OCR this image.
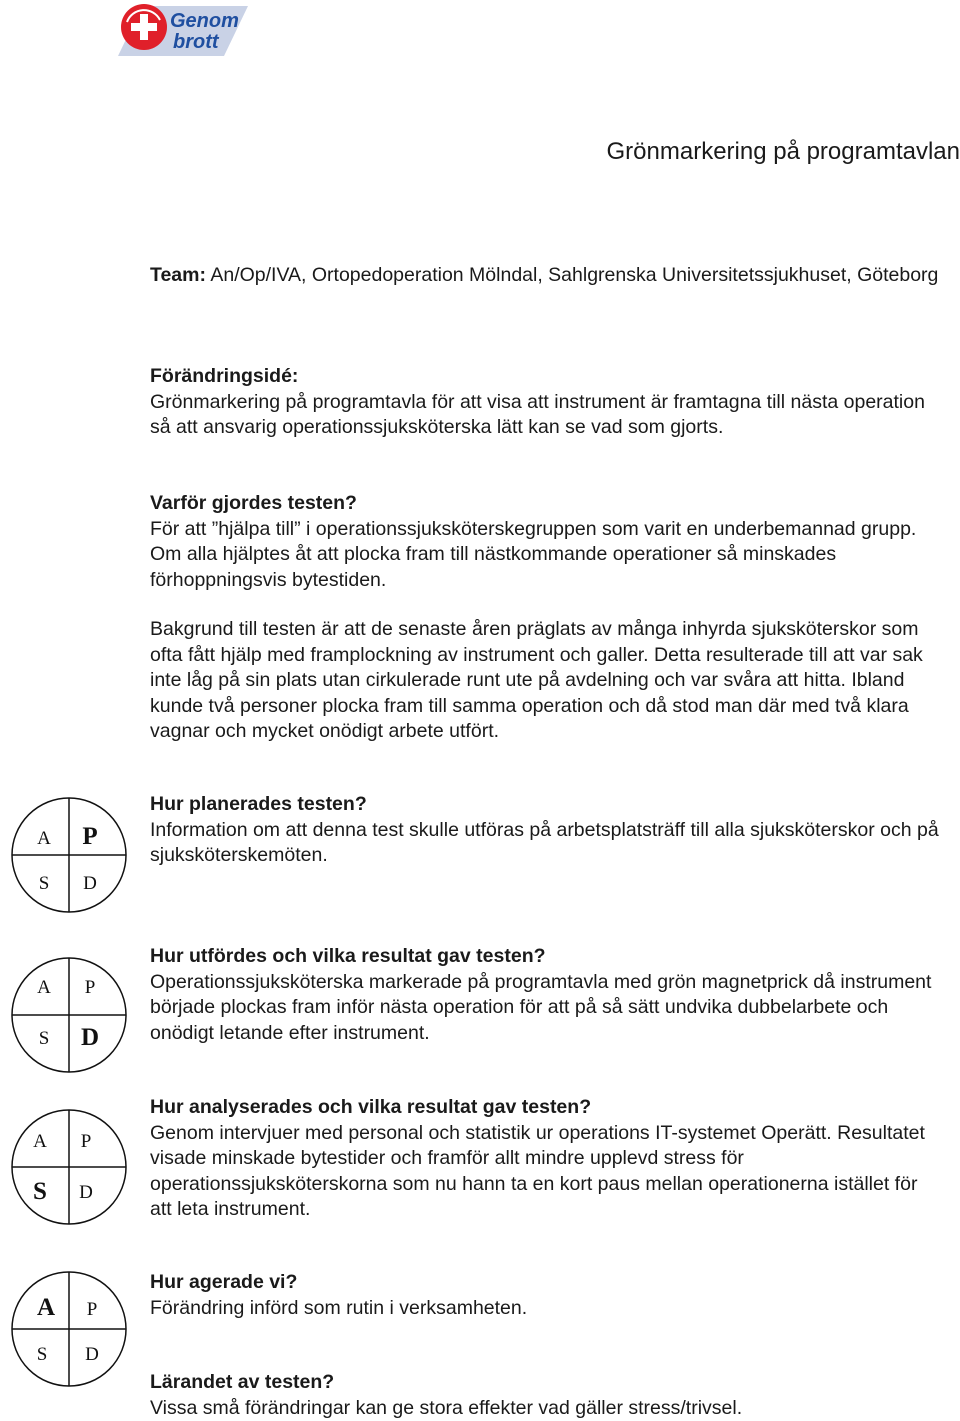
Genom
brott
Grönmarkering på programtavlan

Team: An/Op/IVA, Ortopedoperation Mölndal, Sahlgrenska Universitetssjukhuset, Göteborg

Förändringsidé:

Grönmarkering på programtavla för att visa att instrument är framtagna till nästa operation så att ansvarig operationssjuksköterska lätt kan se vad som gjorts.

Varför gjordes testen?

För att ”hjälpa till” i operationssjuksköterskegruppen som varit en underbemannad grupp. Om alla hjälptes åt att plocka fram till nästkommande operationer så minskades förhoppningsvis bytestiden.

Bakgrund till testen är att de senaste åren präglats av många inhyrda sjuksköterskor som ofta fått hjälp med framplockning av instrument och galler. Detta resulterade till att var sak inte låg på sin plats utan cirkulerade runt ute på avdelning och var svåra att hitta. Ibland kunde två personer plocka fram till samma operation och då stod man där med två klara vagnar och mycket onödigt arbete utfört.

A P
S D

Hur planerades testen?

Information om att denna test skulle utföras på arbetsplatsträff till alla sjuksköterskor och på sjuksköterskemöten.

A P
S D

Hur utfördes och vilka resultat gav testen?

Operationssjuksköterska markerade på programtavla med grön magnetprick då instrument började plockas fram inför nästa operation för att på så sätt undvika dubbelarbete och onödigt letande efter instrument.

A P
S D

Hur analyserades och vilka resultat gav testen?

Genom intervjuer med personal och statistik ur operations IT-systemet Operätt. Resultatet visade minskade bytestider och framför allt mindre upplevd stress för operationssjuksköterskorna som nu hann ta en kort paus mellan operationerna istället för att leta instrument.

A P
S D

Hur agerade vi?

Förändring införd som rutin i verksamheten.

Lärandet av testen?

Vissa små förändringar kan ge stora effekter vad gäller stress/trivsel.
